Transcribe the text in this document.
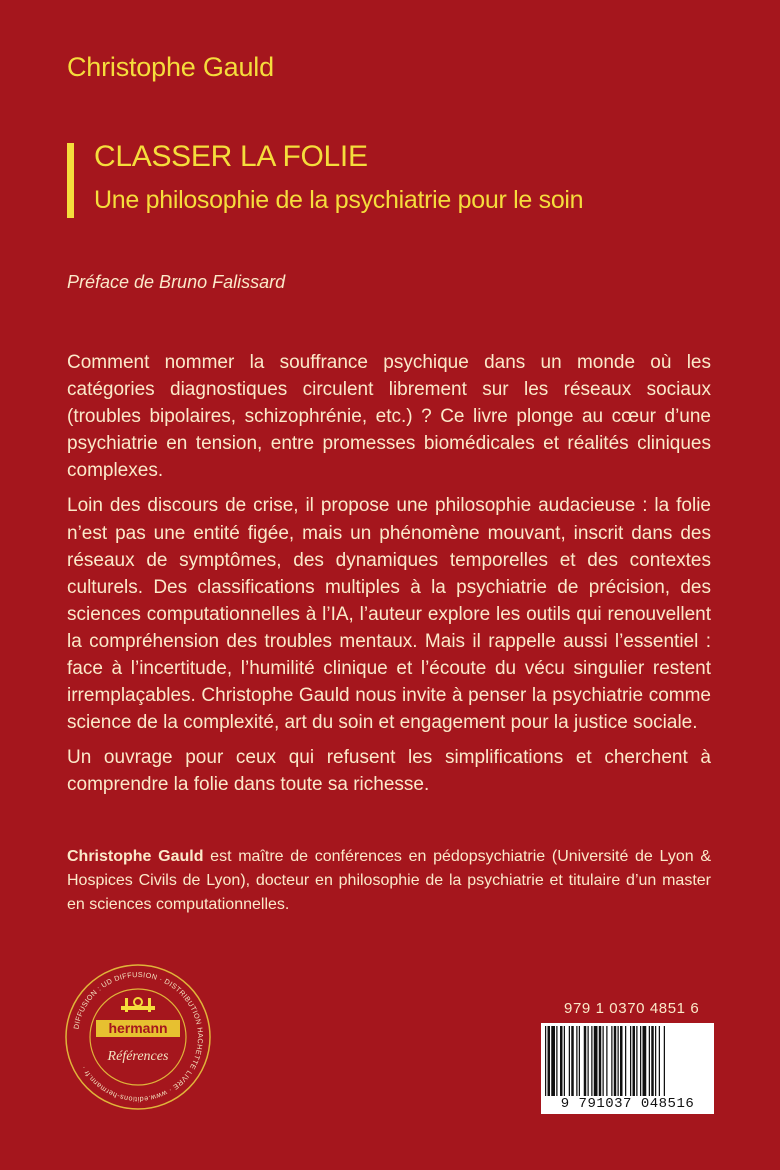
Christophe Gauld
CLASSER LA FOLIE
Une philosophie de la psychiatrie pour le soin
Préface de Bruno Falissard

Comment nommer la souffrance psychique dans un monde où les catégories diagnostiques circulent librement sur les réseaux sociaux (troubles bipolaires, schizophrénie, etc.) ? Ce livre plonge au cœur d’une psychiatrie en tension, entre promesses biomédicales et réalités cliniques complexes.

Loin des discours de crise, il propose une philosophie audacieuse : la folie n’est pas une entité figée, mais un phénomène mouvant, inscrit dans des réseaux de symptômes, des dynamiques temporelles et des contextes culturels. Des classifications multiples à la psychiatrie de précision, des sciences computationnelles à l’IA, l’auteur explore les outils qui renouvellent la compréhension des troubles mentaux. Mais il rappelle aussi l’essentiel : face à l’incertitude, l’humilité clinique et l’écoute du vécu singulier restent irremplaçables. Christophe Gauld nous invite à penser la psychiatrie comme science de la complexité, art du soin et engagement pour la justice sociale.

Un ouvrage pour ceux qui refusent les simplifications et cherchent à comprendre la folie dans toute sa richesse.

Christophe Gauld est maître de conférences en pédopsychiatrie (Université de Lyon & Hospices Civils de Lyon), docteur en philosophie de la psychiatrie et titulaire d’un master en sciences computationnelles.
DIFFUSION : UD DIFFUSION · DISTRIBUTION HACHETTE LIVRE · www.editions-hermann.fr ·
hermann
Références
979 1 0370 4851 6
9 791037 048516
